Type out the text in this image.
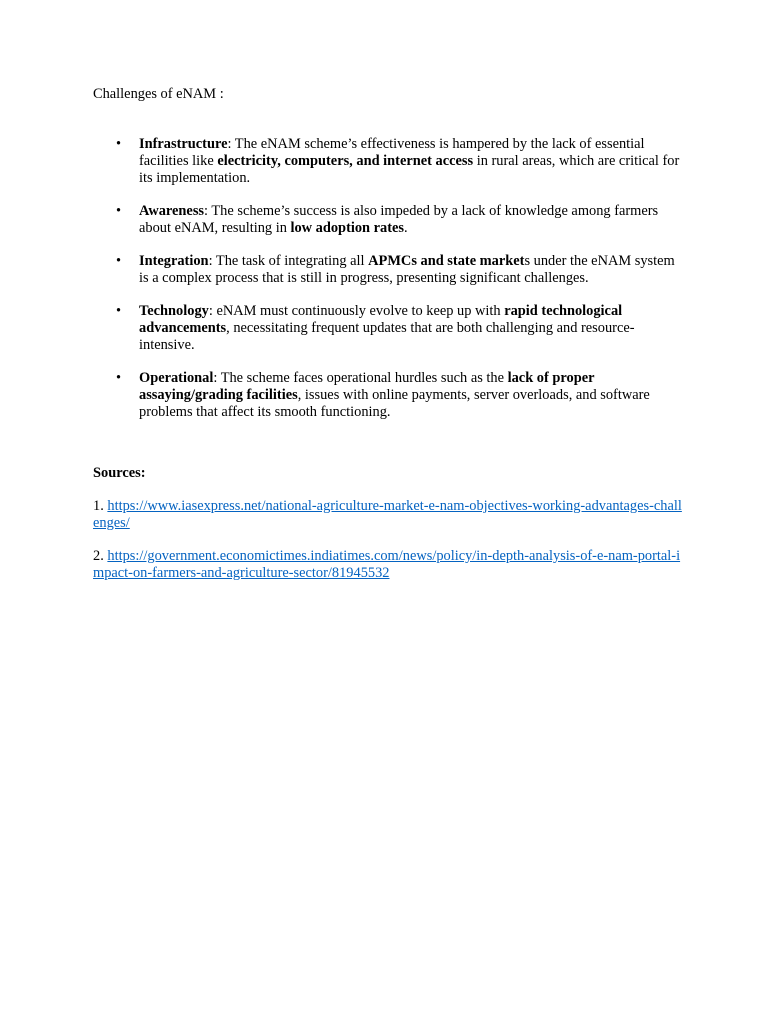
Challenges of eNAM :

• Infrastructure: The eNAM scheme’s effectiveness is hampered by the lack of essential facilities like electricity, computers, and internet access in rural areas, which are critical for its implementation.
• Awareness: The scheme’s success is also impeded by a lack of knowledge among farmers about eNAM, resulting in low adoption rates.
• Integration: The task of integrating all APMCs and state markets under the eNAM system is a complex process that is still in progress, presenting significant challenges.
• Technology: eNAM must continuously evolve to keep up with rapid technological advancements, necessitating frequent updates that are both challenging and resource-intensive.
• Operational: The scheme faces operational hurdles such as the lack of proper assaying/grading facilities, issues with online payments, server overloads, and software problems that affect its smooth functioning.

Sources:

1. https://www.iasexpress.net/national-agriculture-market-e-nam-objectives-working-advantages-challenges/

2. https://government.economictimes.indiatimes.com/news/policy/in-depth-analysis-of-e-nam-portal-impact-on-farmers-and-agriculture-sector/81945532
